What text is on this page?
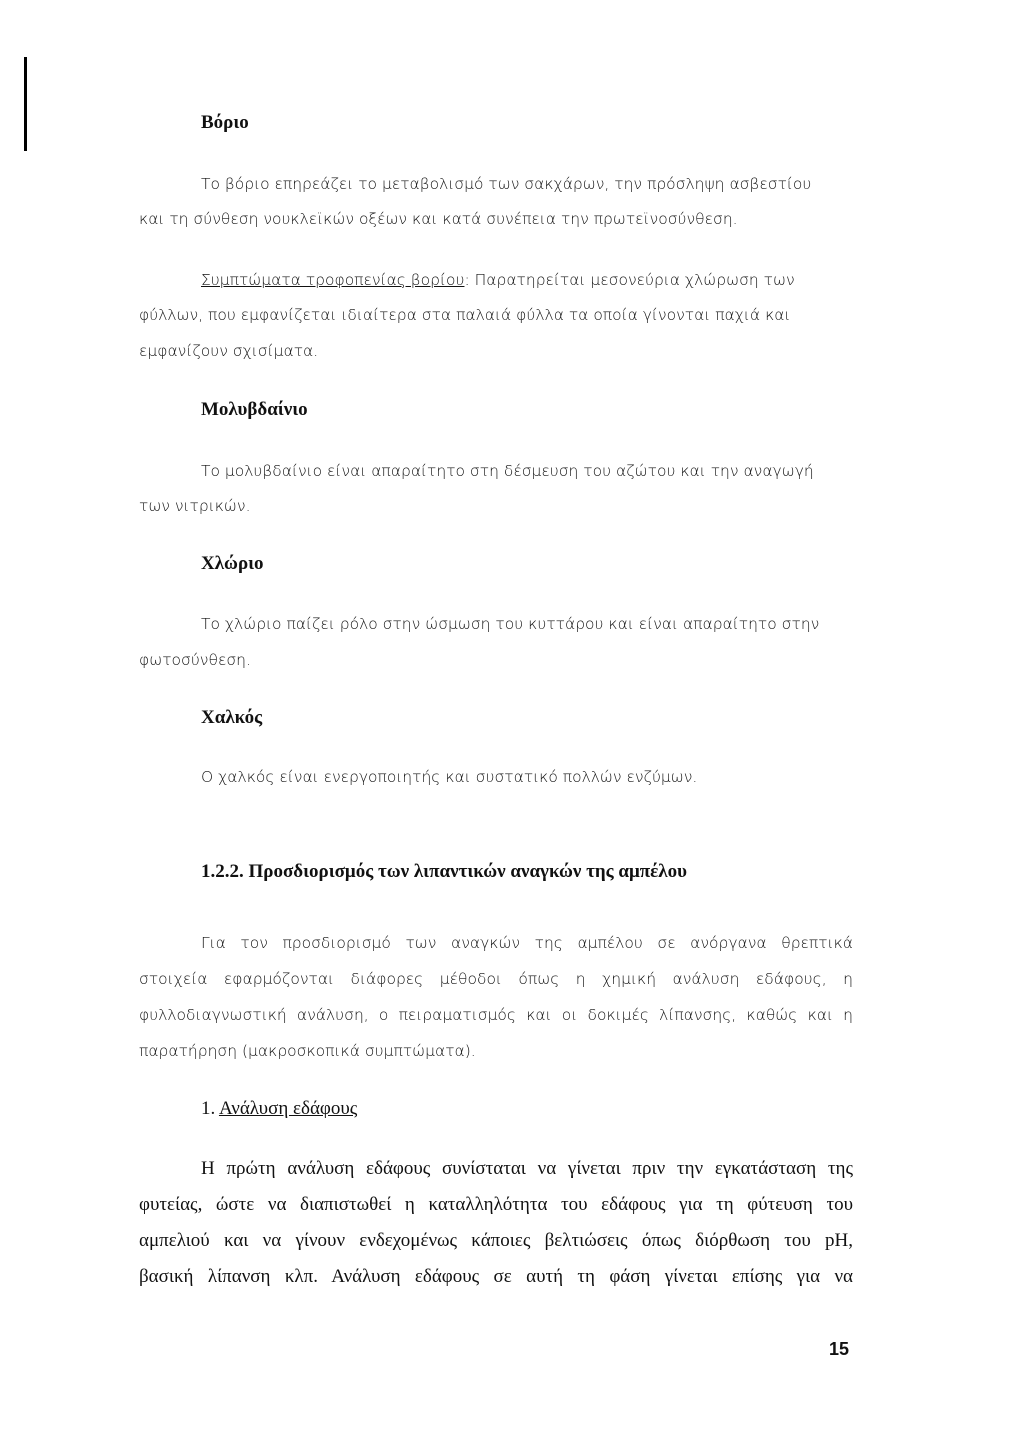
Βόριο
Το βόριο επηρεάζει το μεταβολισμό των σακχάρων, την πρόσληψη ασβεστίου
και τη σύνθεση νουκλεϊκών οξέων και κατά συνέπεια την πρωτεϊνοσύνθεση.
Συμπτώματα τροφοπενίας βορίου: Παρατηρείται μεσονεύρια χλώρωση των
φύλλων, που εμφανίζεται ιδιαίτερα στα παλαιά φύλλα τα οποία γίνονται παχιά και
εμφανίζουν σχισίματα.
Μολυβδαίνιο
Το μολυβδαίνιο είναι απαραίτητο στη δέσμευση του αζώτου και την αναγωγή
των νιτρικών.
Χλώριο
Το χλώριο παίζει ρόλο στην ώσμωση του κυττάρου και είναι απαραίτητο στην
φωτοσύνθεση.
Χαλκός
Ο χαλκός είναι ενεργοποιητής και συστατικό πολλών ενζύμων.
1.2.2. Προσδιορισμός των λιπαντικών αναγκών της αμπέλου
Για τον προσδιορισμό των αναγκών της αμπέλου σε ανόργανα θρεπτικά
στοιχεία εφαρμόζονται διάφορες μέθοδοι όπως η χημική ανάλυση εδάφους, η
φυλλοδιαγνωστική ανάλυση, ο πειραματισμός και οι δοκιμές λίπανσης, καθώς και η
παρατήρηση (μακροσκοπικά συμπτώματα).
1. Ανάλυση εδάφους
Η πρώτη ανάλυση εδάφους συνίσταται να γίνεται πριν την εγκατάσταση της
φυτείας, ώστε να διαπιστωθεί η καταλληλότητα του εδάφους για τη φύτευση του
αμπελιού και να γίνουν ενδεχομένως κάποιες βελτιώσεις όπως διόρθωση του pH,
βασική λίπανση κλπ. Ανάλυση εδάφους σε αυτή τη φάση γίνεται επίσης για να
15
